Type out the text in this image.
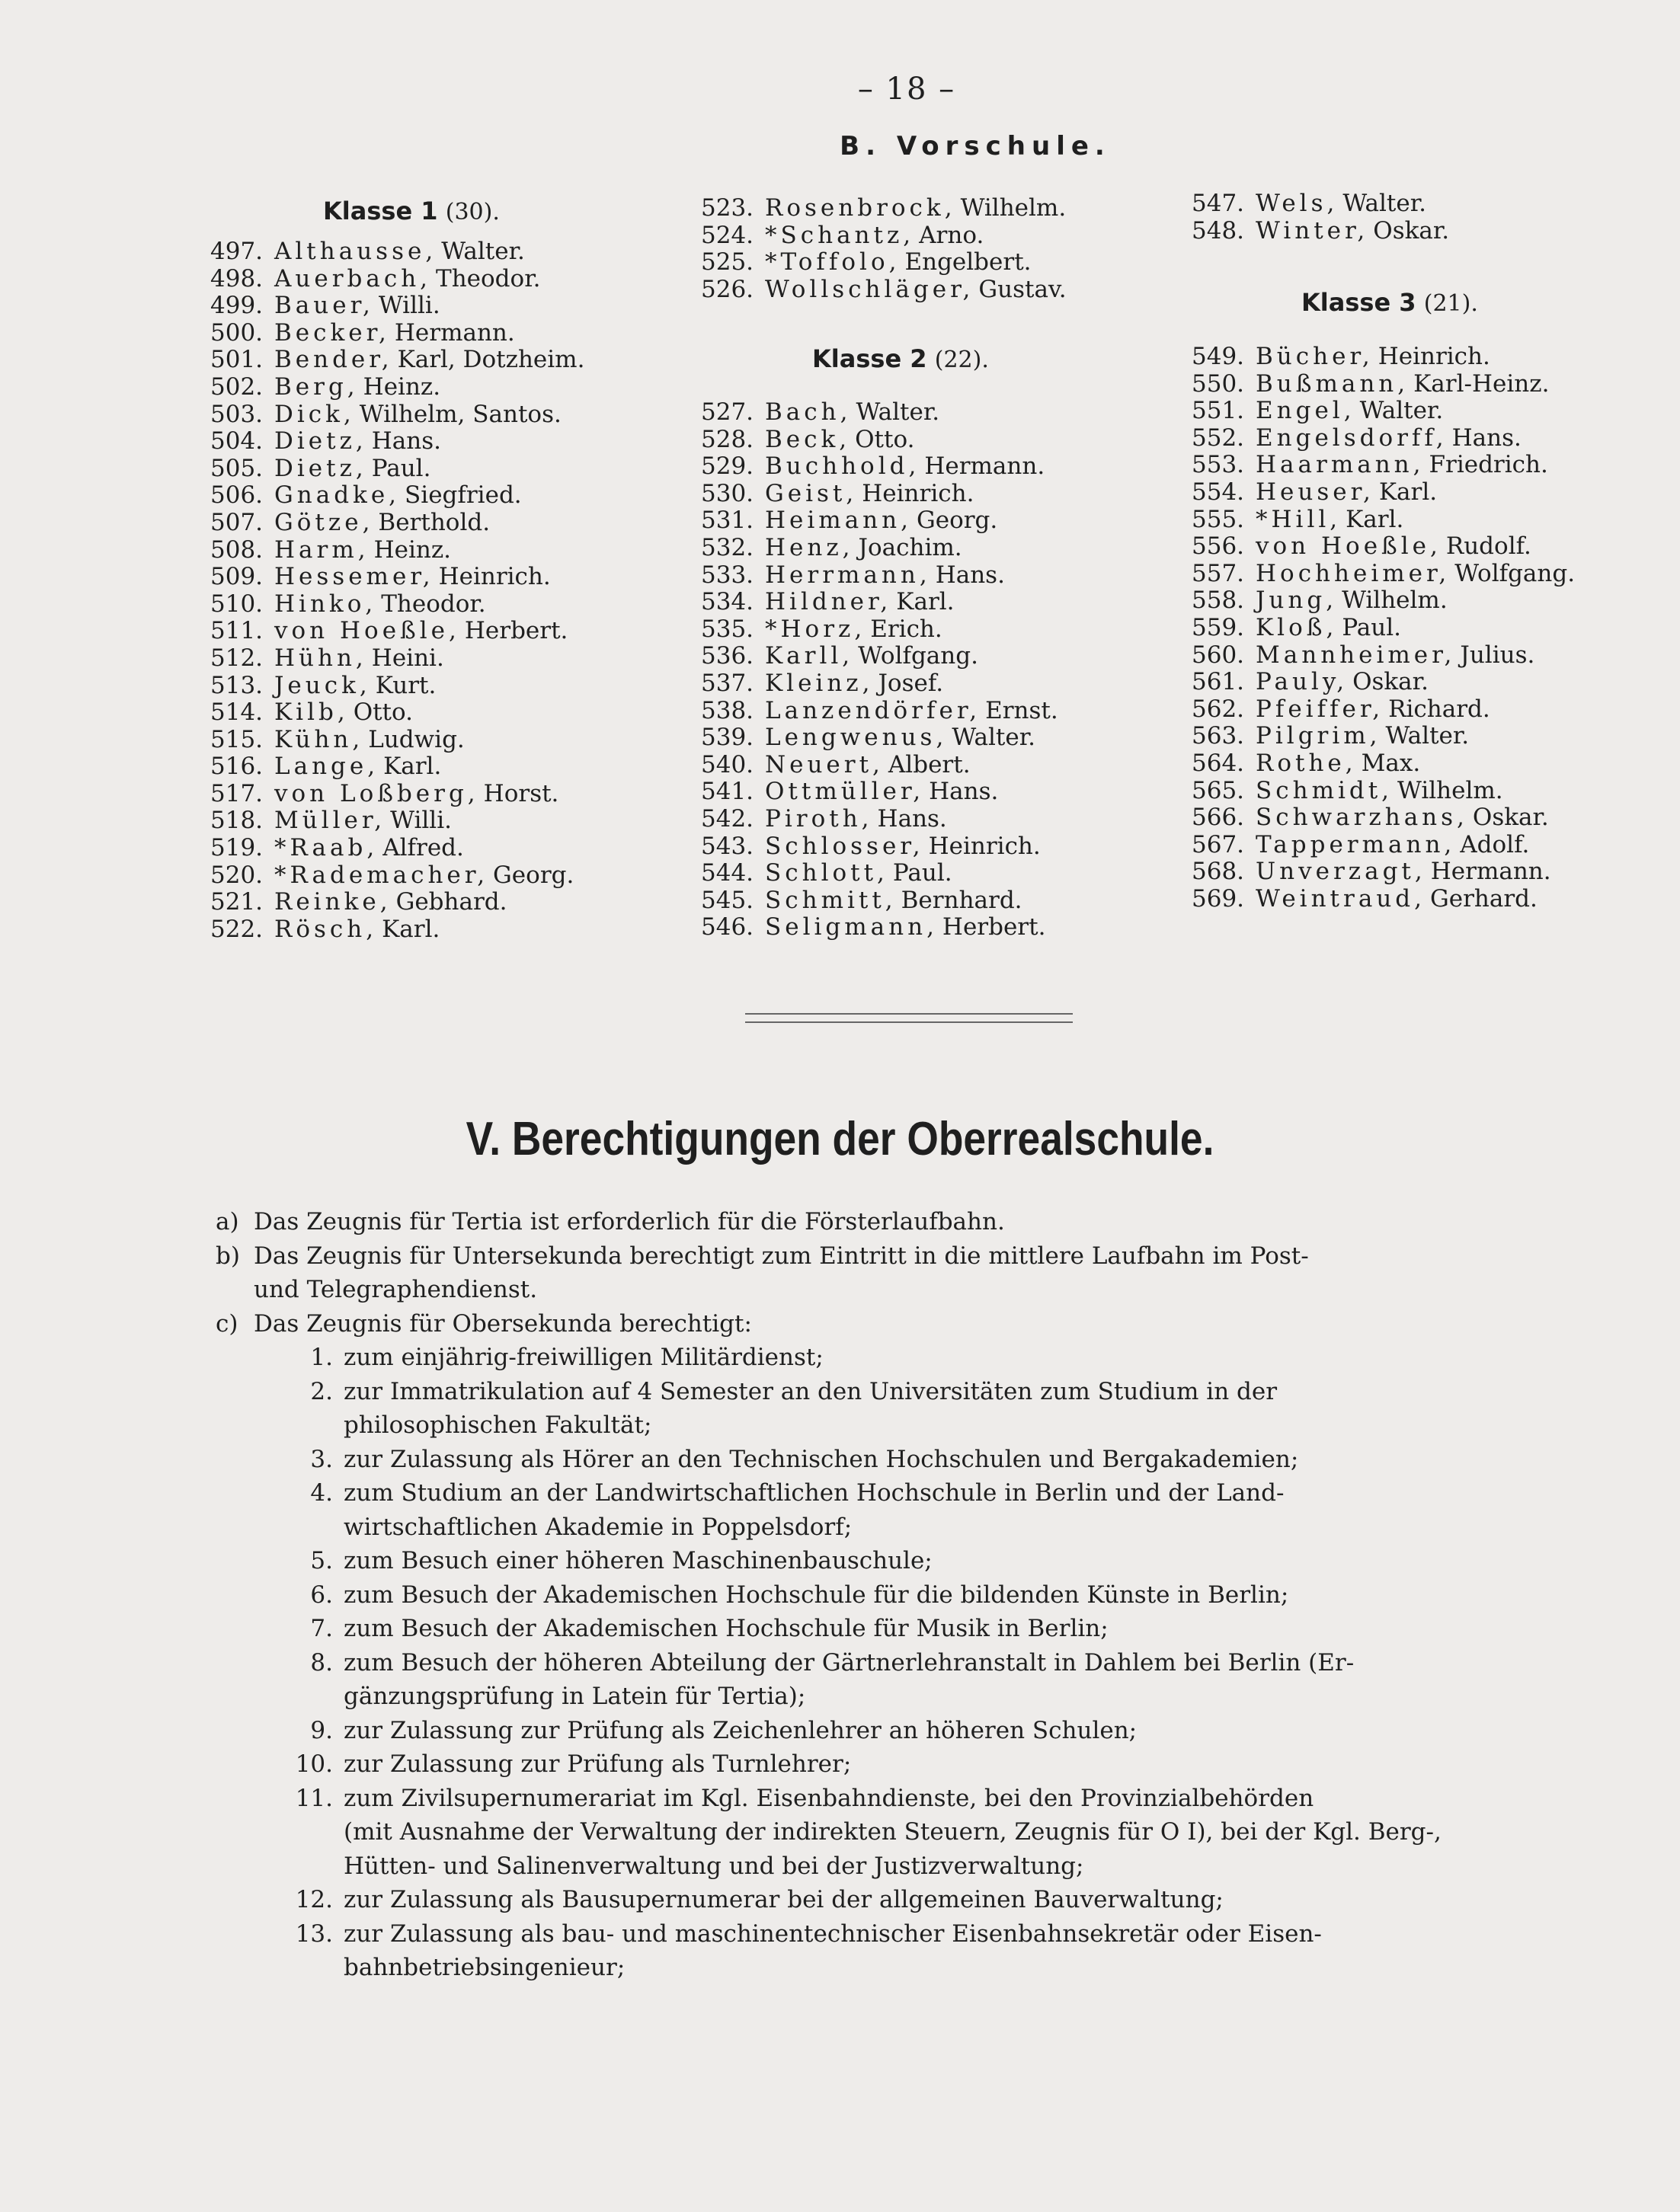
– 18 –
B. Vorschule.
Klasse 1 (30).
497. Althausse, Walter.
498. Auerbach, Theodor.
499. Bauer, Willi.
500. Becker, Hermann.
501. Bender, Karl, Dotzheim.
502. Berg, Heinz.
503. Dick, Wilhelm, Santos.
504. Dietz, Hans.
505. Dietz, Paul.
506. Gnadke, Siegfried.
507. Götze, Berthold.
508. Harm, Heinz.
509. Hessemer, Heinrich.
510. Hinko, Theodor.
511. von Hoeßle, Herbert.
512. Hühn, Heini.
513. Jeuck, Kurt.
514. Kilb, Otto.
515. Kühn, Ludwig.
516. Lange, Karl.
517. von Loßberg, Horst.
518. Müller, Willi.
519. *Raab, Alfred.
520. *Rademacher, Georg.
521. Reinke, Gebhard.
522. Rösch, Karl.
523. Rosenbrock, Wilhelm.
524. *Schantz, Arno.
525. *Toffolo, Engelbert.
526. Wollschläger, Gustav.
Klasse 2 (22).
527. Bach, Walter.
528. Beck, Otto.
529. Buchhold, Hermann.
530. Geist, Heinrich.
531. Heimann, Georg.
532. Henz, Joachim.
533. Herrmann, Hans.
534. Hildner, Karl.
535. *Horz, Erich.
536. Karll, Wolfgang.
537. Kleinz, Josef.
538. Lanzendörfer, Ernst.
539. Lengwenus, Walter.
540. Neuert, Albert.
541. Ottmüller, Hans.
542. Piroth, Hans.
543. Schlosser, Heinrich.
544. Schlott, Paul.
545. Schmitt, Bernhard.
546. Seligmann, Herbert.
547. Wels, Walter.
548. Winter, Oskar.
Klasse 3 (21).
549. Bücher, Heinrich.
550. Bußmann, Karl-Heinz.
551. Engel, Walter.
552. Engelsdorff, Hans.
553. Haarmann, Friedrich.
554. Heuser, Karl.
555. *Hill, Karl.
556. von Hoeßle, Rudolf.
557. Hochheimer, Wolfgang.
558. Jung, Wilhelm.
559. Kloß, Paul.
560. Mannheimer, Julius.
561. Pauly, Oskar.
562. Pfeiffer, Richard.
563. Pilgrim, Walter.
564. Rothe, Max.
565. Schmidt, Wilhelm.
566. Schwarzhans, Oskar.
567. Tappermann, Adolf.
568. Unverzagt, Hermann.
569. Weintraud, Gerhard.
V. Berechtigungen der Oberrealschule.
a) Das Zeugnis für Tertia ist erforderlich für die Försterlaufbahn.
b) Das Zeugnis für Untersekunda berechtigt zum Eintritt in die mittlere Laufbahn im Post-
und Telegraphendienst.
c) Das Zeugnis für Obersekunda berechtigt:
1. zum einjährig-freiwilligen Militärdienst;
2. zur Immatrikulation auf 4 Semester an den Universitäten zum Studium in der
philosophischen Fakultät;
3. zur Zulassung als Hörer an den Technischen Hochschulen und Bergakademien;
4. zum Studium an der Landwirtschaftlichen Hochschule in Berlin und der Land-
wirtschaftlichen Akademie in Poppelsdorf;
5. zum Besuch einer höheren Maschinenbauschule;
6. zum Besuch der Akademischen Hochschule für die bildenden Künste in Berlin;
7. zum Besuch der Akademischen Hochschule für Musik in Berlin;
8. zum Besuch der höheren Abteilung der Gärtnerlehranstalt in Dahlem bei Berlin (Er-
gänzungsprüfung in Latein für Tertia);
9. zur Zulassung zur Prüfung als Zeichenlehrer an höheren Schulen;
10. zur Zulassung zur Prüfung als Turnlehrer;
11. zum Zivilsupernumerariat im Kgl. Eisenbahndienste, bei den Provinzialbehörden
(mit Ausnahme der Verwaltung der indirekten Steuern, Zeugnis für O I), bei der Kgl. Berg-,
Hütten- und Salinenverwaltung und bei der Justizverwaltung;
12. zur Zulassung als Bausupernumerar bei der allgemeinen Bauverwaltung;
13. zur Zulassung als bau- und maschinentechnischer Eisenbahnsekretär oder Eisen-
bahnbetriebsingenieur;
